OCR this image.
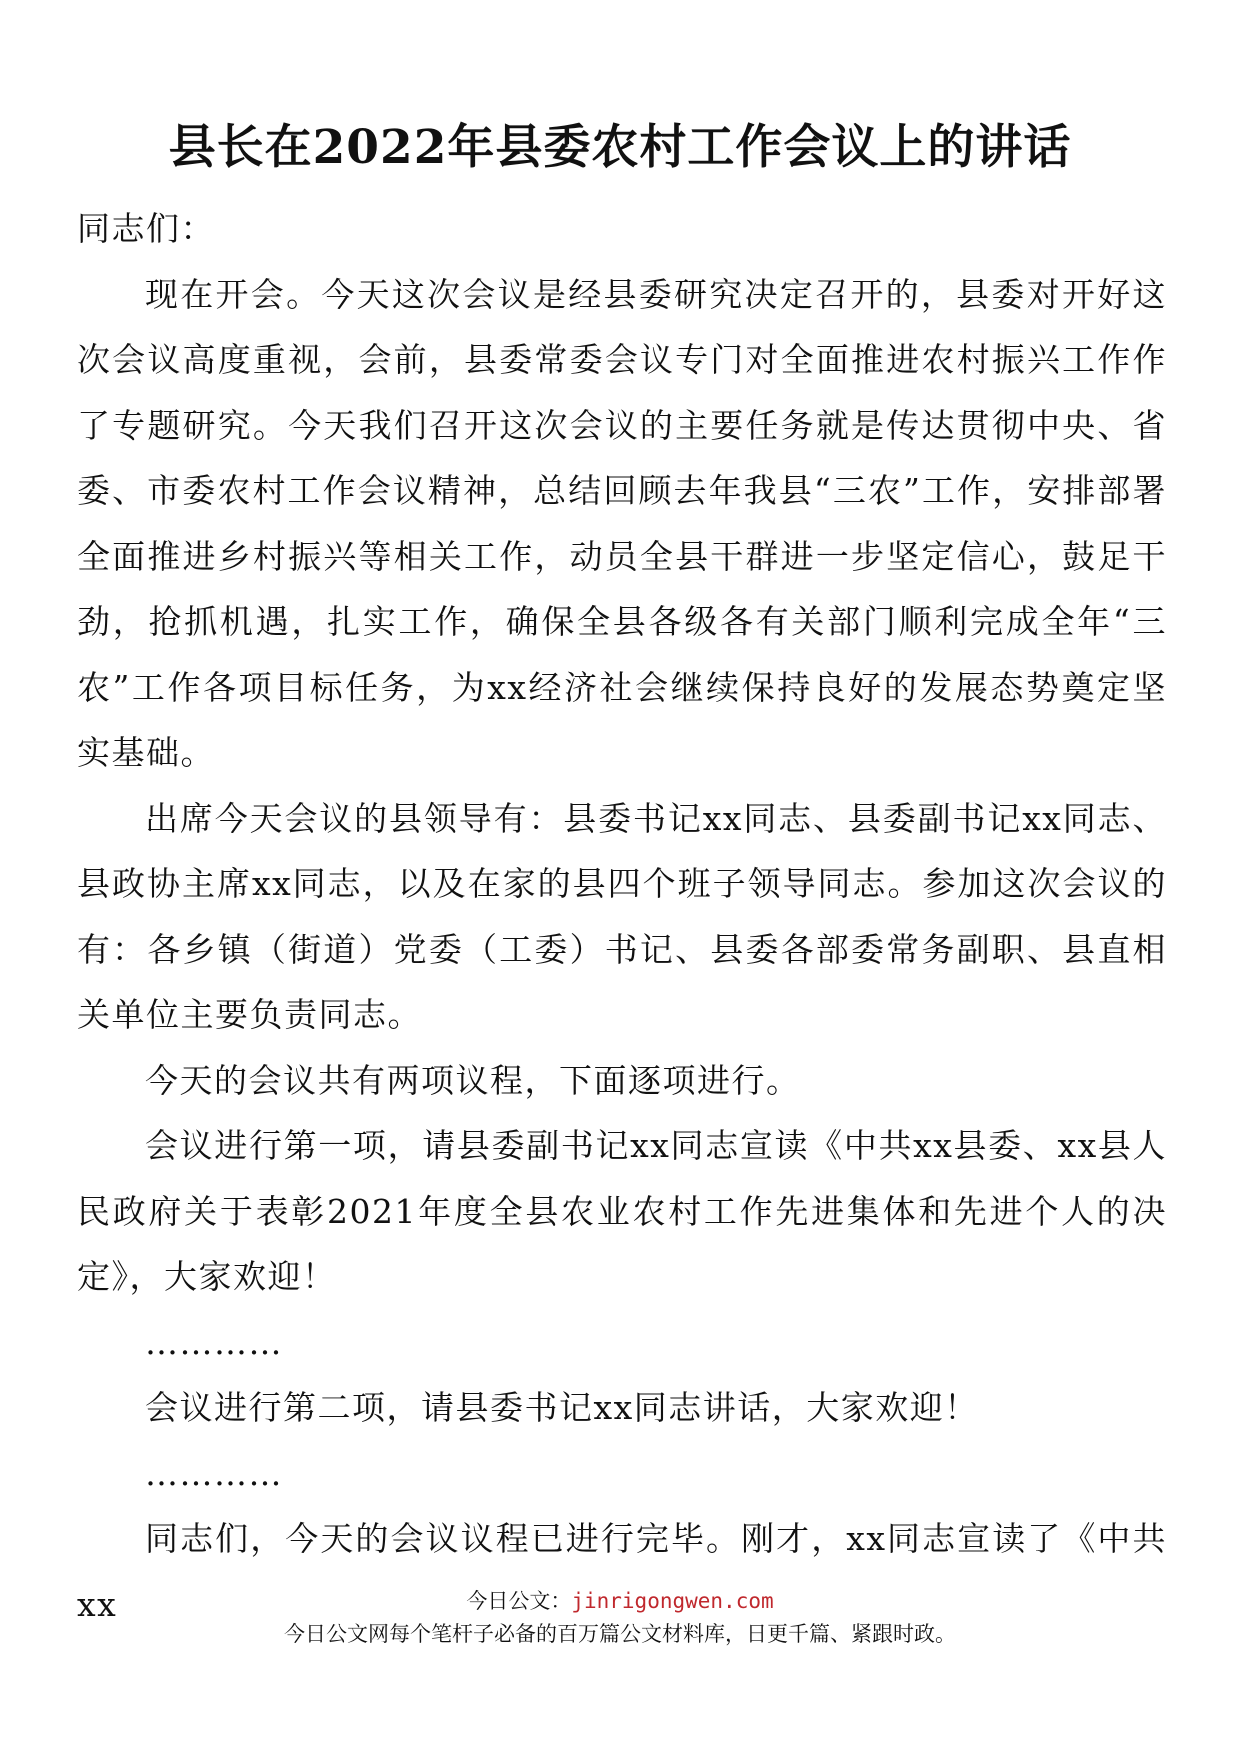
县长在2022年县委农村工作会议上的讲话

同志们：

现在开会。今天这次会议是经县委研究决定召开的，县委对开好这次会议高度重视，会前，县委常委会议专门对全面推进农村振兴工作作了专题研究。今天我们召开这次会议的主要任务就是传达贯彻中央、省委、市委农村工作会议精神，总结回顾去年我县“三农”工作，安排部署全面推进乡村振兴等相关工作，动员全县干群进一步坚定信心，鼓足干劲，抢抓机遇，扎实工作，确保全县各级各有关部门顺利完成全年“三农”工作各项目标任务，为xx经济社会继续保持良好的发展态势奠定坚实基础。

出席今天会议的县领导有：县委书记xx同志、县委副书记xx同志、县政协主席xx同志，以及在家的县四个班子领导同志。参加这次会议的有：各乡镇（街道）党委（工委）书记、县委各部委常务副职、县直相关单位主要负责同志。

今天的会议共有两项议程，下面逐项进行。

会议进行第一项，请县委副书记xx同志宣读《中共xx县委、xx县人民政府关于表彰2021年度全县农业农村工作先进集体和先进个人的决定》，大家欢迎！

…………

会议进行第二项，请县委书记xx同志讲话，大家欢迎！

…………

同志们，今天的会议议程已进行完毕。刚才，xx同志宣读了《中共xx	今日公文：jinrigongwen.com
今日公文网每个笔杆子必备的百万篇公文材料库，日更千篇、紧跟时政。
